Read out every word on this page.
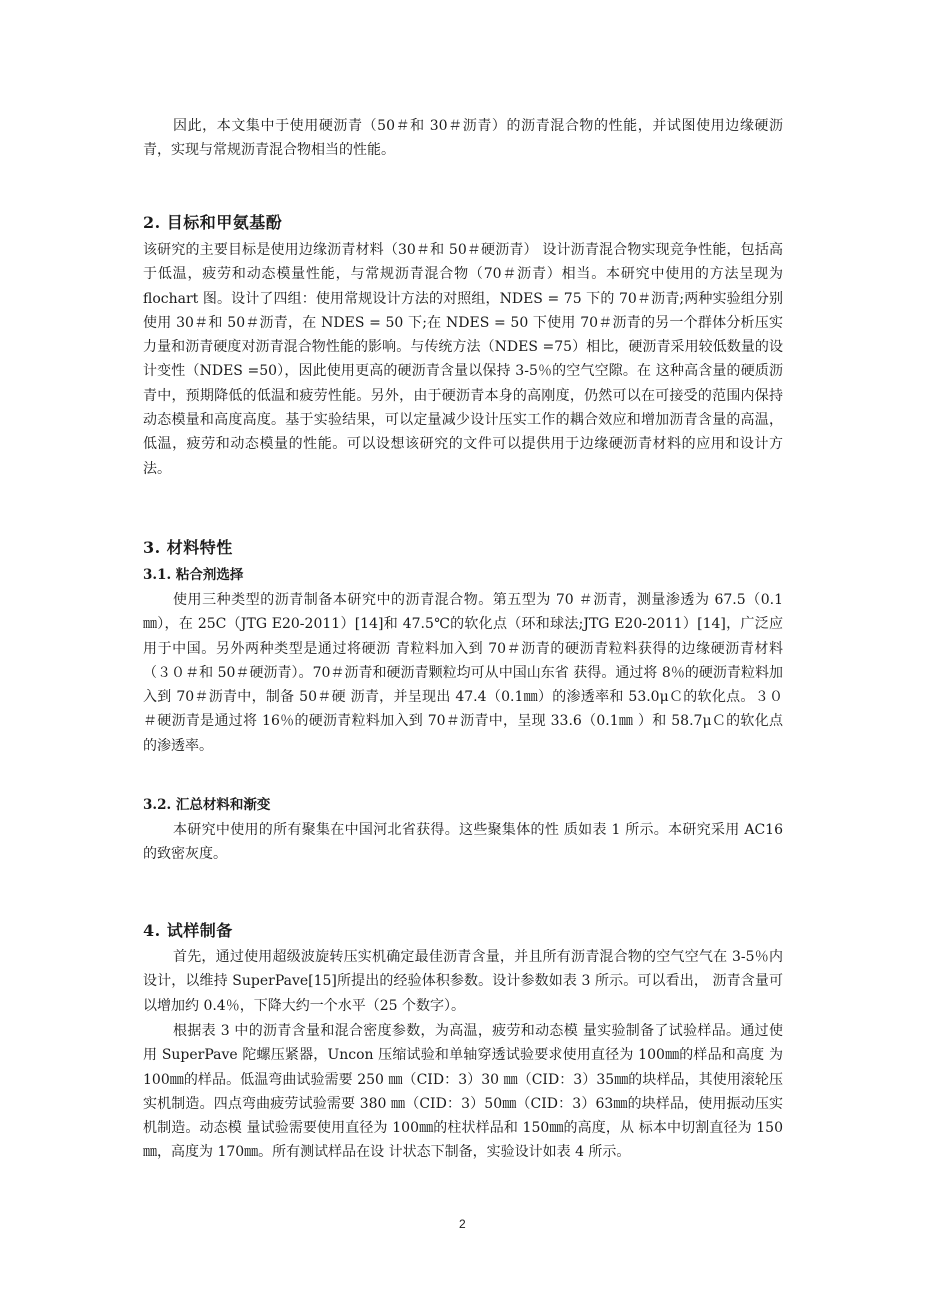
因此，本文集中于使用硬沥青（50＃和 30＃沥青）的沥青混合物的性能，并试图使用边缘硬沥青，实现与常规沥青混合物相当的性能。

2. 目标和甲氨基酚

该研究的主要目标是使用边缘沥青材料（30＃和 50＃硬沥青） 设计沥青混合物实现竞争性能，包括高于低温，疲劳和动态模量性能，与常规沥青混合物（70＃沥青）相当。本研究中使用的方法呈现为 flochart 图。设计了四组：使用常规设计方法的对照组，NDES = 75 下的 70＃沥青;两种实验组分别使用 30＃和 50＃沥青，在 NDES = 50 下;在 NDES = 50 下使用 70＃沥青的另一个群体分析压实力量和沥青硬度对沥青混合物性能的影响。与传统方法（NDES =75）相比，硬沥青采用较低数量的设计变性（NDES =50），因此使用更高的硬沥青含量以保持 3-5％的空气空隙。在 这种高含量的硬质沥青中，预期降低的低温和疲劳性能。另外，由于硬沥青本身的高刚度，仍然可以在可接受的范围内保持 动态模量和高度高度。基于实验结果，可以定量减少设计压实工作的耦合效应和增加沥青含量的高温，低温，疲劳和动态模量的性能。可以设想该研究的文件可以提供用于边缘硬沥青材料的应用和设计方法。

3. 材料特性
3.1. 粘合剂选择

使用三种类型的沥青制备本研究中的沥青混合物。第五型为 70 ＃沥青，测量渗透为 67.5（0.1 ㎜），在 25C（JTG E20-2011）[14]和 47.5℃的软化点（环和球法;JTG E20-2011）[14]，广泛应用于中国。另外两种类型是通过将硬沥 青粒料加入到 70＃沥青的硬沥青粒料获得的边缘硬沥青材料（３０＃和 50＃硬沥青）。70＃沥青和硬沥青颗粒均可从中国山东省 获得。通过将 8％的硬沥青粒料加入到 70＃沥青中，制备 50＃硬 沥青，并呈现出 47.4（0.1㎜）的渗透率和 53.0μＣ的软化点。３０＃硬沥青是通过将 16％的硬沥青粒料加入到 70＃沥青中，呈现 33.6（0.1㎜ ）和 58.7μＣ的软化点的渗透率。

3.2. 汇总材料和渐变

本研究中使用的所有聚集在中国河北省获得。这些聚集体的性 质如表 1 所示。本研究采用 AC16 的致密灰度。

4. 试样制备

首先，通过使用超级波旋转压实机确定最佳沥青含量，并且所有沥青混合物的空气空气在 3-5％内设计，以维持 SuperPave[15]所提出的经验体积参数。设计参数如表 3 所示。可以看出， 沥青含量可以增加约 0.4％，下降大约一个水平（25 个数字）。

根据表 3 中的沥青含量和混合密度参数，为高温，疲劳和动态模 量实验制备了试验样品。通过使用 SuperPave 陀螺压紧器，Uncon 压缩试验和单轴穿透试验要求使用直径为 100㎜的样品和高度 为 100㎜的样品。低温弯曲试验需要 250 ㎜（CID：3）30 ㎜（CID：3）35㎜的块样品，其使用滚轮压实机制造。四点弯曲疲劳试验需要 380 ㎜（CID：3）50㎜（CID：3）63㎜的块样品，使用振动压实机制造。动态模 量试验需要使用直径为 100㎜的柱状样品和 150㎜的高度，从 标本中切割直径为 150㎜，高度为 170㎜。所有测试样品在设 计状态下制备，实验设计如表 4 所示。

2
